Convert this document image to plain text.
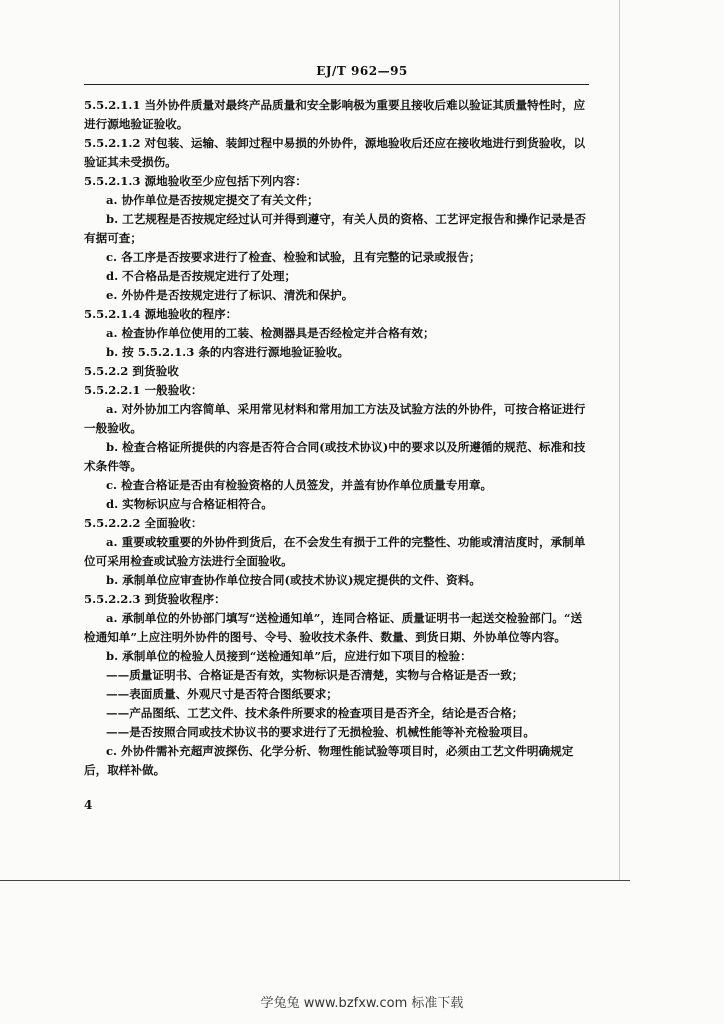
EJ/T 962—95

5.5.2.1.1 当外协件质量对最终产品质量和安全影响极为重要且接收后难以验证其质量特性时，应进行源地验证验收。

5.5.2.1.2 对包装、运输、装卸过程中易损的外协件，源地验收后还应在接收地进行到货验收，以验证其未受损伤。

5.5.2.1.3 源地验收至少应包括下列内容：

a. 协作单位是否按规定提交了有关文件；

b. 工艺规程是否按规定经过认可并得到遵守，有关人员的资格、工艺评定报告和操作记录是否有据可查；

c. 各工序是否按要求进行了检查、检验和试验，且有完整的记录或报告；

d. 不合格品是否按规定进行了处理；

e. 外协件是否按规定进行了标识、清洗和保护。

5.5.2.1.4 源地验收的程序：

a. 检查协作单位使用的工装、检测器具是否经检定并合格有效；

b. 按 5.5.2.1.3 条的内容进行源地验证验收。

5.5.2.2 到货验收

5.5.2.2.1 一般验收：

a. 对外协加工内容简单、采用常见材料和常用加工方法及试验方法的外协件，可按合格证进行一般验收。

b. 检查合格证所提供的内容是否符合合同(或技术协议)中的要求以及所遵循的规范、标准和技术条件等。

c. 检查合格证是否由有检验资格的人员签发，并盖有协作单位质量专用章。

d. 实物标识应与合格证相符合。

5.5.2.2.2 全面验收：

a. 重要或较重要的外协件到货后，在不会发生有损于工件的完整性、功能或清洁度时，承制单位可采用检查或试验方法进行全面验收。

b. 承制单位应审查协作单位按合同(或技术协议)规定提供的文件、资料。

5.5.2.2.3 到货验收程序：

a. 承制单位的外协部门填写“送检通知单”，连同合格证、质量证明书一起送交检验部门。“送检通知单”上应注明外协件的图号、令号、验收技术条件、数量、到货日期、外协单位等内容。

b. 承制单位的检验人员接到“送检通知单”后，应进行如下项目的检验：

——质量证明书、合格证是否有效，实物标识是否清楚，实物与合格证是否一致；

——表面质量、外观尺寸是否符合图纸要求；

——产品图纸、工艺文件、技术条件所要求的检查项目是否齐全，结论是否合格；

——是否按照合同或技术协议书的要求进行了无损检验、机械性能等补充检验项目。

c. 外协件需补充超声波探伤、化学分析、物理性能试验等项目时，必须由工艺文件明确规定后，取样补做。

4
学兔兔 www.bzfxw.com 标准下载
